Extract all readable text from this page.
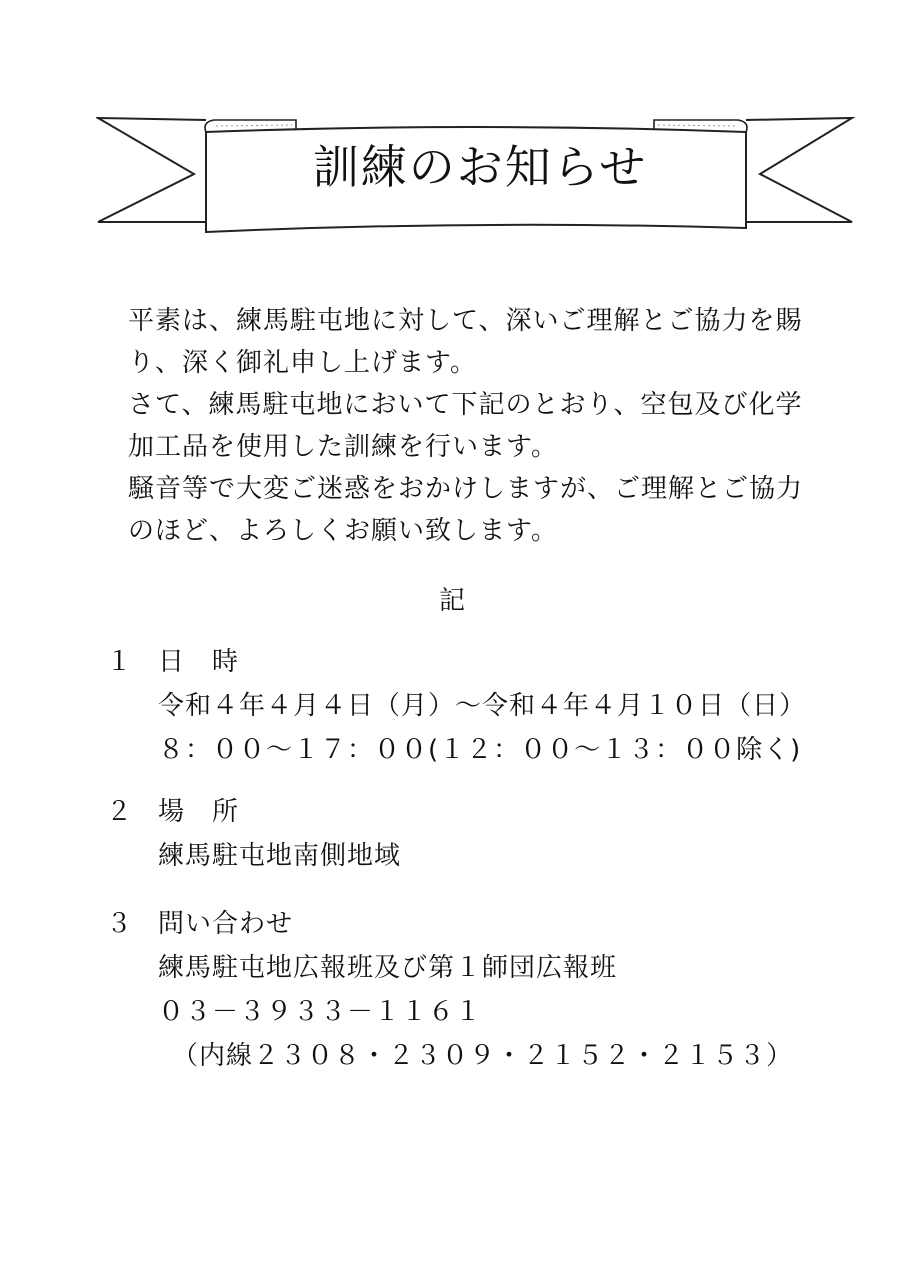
訓練のお知らせ

平素は、練馬駐屯地に対して、深いご理解とご協力を賜り、深く御礼申し上げます。

さて、練馬駐屯地において下記のとおり、空包及び化学加工品を使用した訓練を行います。

騒音等で大変ご迷惑をおかけしますが、ご理解とご協力のほど、よろしくお願い致します。

記
１ 日　時
令和４年４月４日（月）～令和４年４月１０日（日）
８：００～１７：００(１２：００～１３：００除く)
２ 場　所
練馬駐屯地南側地域
３ 問い合わせ
練馬駐屯地広報班及び第１師団広報班
０３－３９３３－１１６１
（内線２３０８・２３０９・２１５２・２１５３）
